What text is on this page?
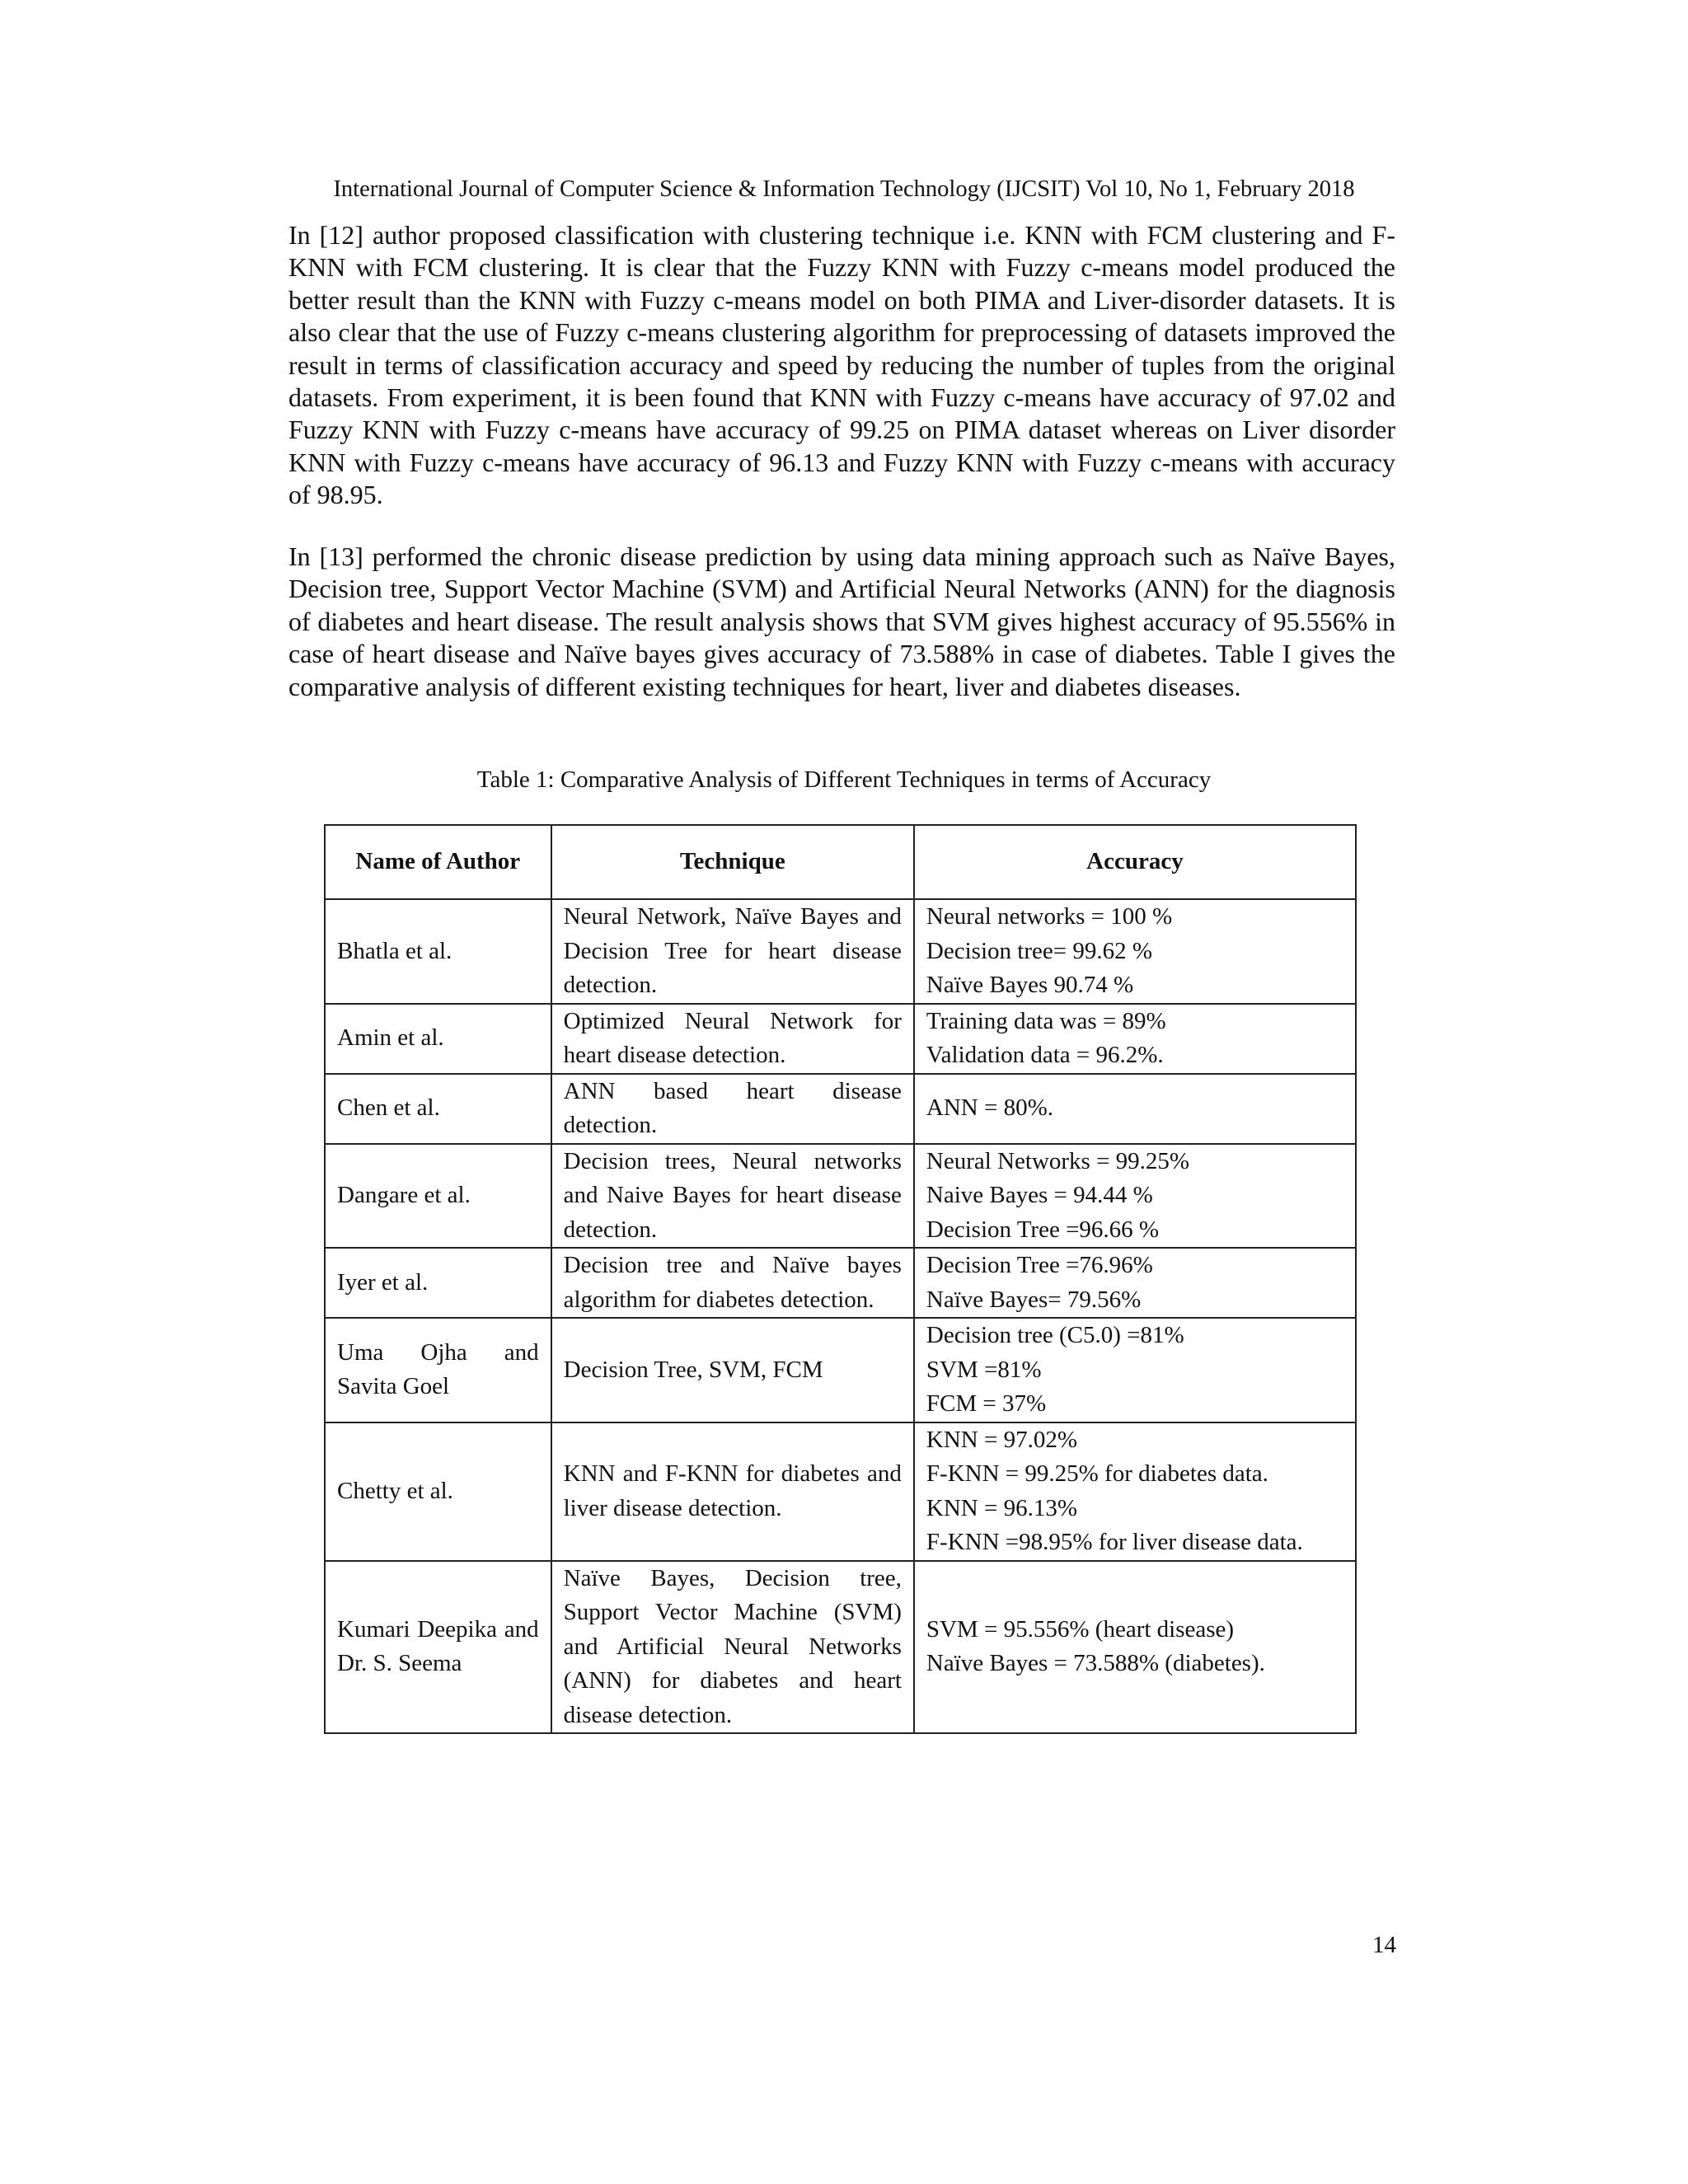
International Journal of Computer Science & Information Technology (IJCSIT) Vol 10, No 1, February 2018

In [12] author proposed classification with clustering technique i.e. KNN with FCM clustering and F-KNN with FCM clustering. It is clear that the Fuzzy KNN with Fuzzy c-means model produced the better result than the KNN with Fuzzy c-means model on both PIMA and Liver-disorder datasets. It is also clear that the use of Fuzzy c-means clustering algorithm for preprocessing of datasets improved the result in terms of classification accuracy and speed by reducing the number of tuples from the original datasets. From experiment, it is been found that KNN with Fuzzy c-means have accuracy of 97.02 and Fuzzy KNN with Fuzzy c-means have accuracy of 99.25 on PIMA dataset whereas on Liver disorder KNN with Fuzzy c-means have accuracy of 96.13 and Fuzzy KNN with Fuzzy c-means with accuracy of 98.95.

In [13] performed the chronic disease prediction by using data mining approach such as Naïve Bayes, Decision tree, Support Vector Machine (SVM) and Artificial Neural Networks (ANN) for the diagnosis of diabetes and heart disease. The result analysis shows that SVM gives highest accuracy of 95.556% in case of heart disease and Naïve bayes gives accuracy of 73.588% in case of diabetes. Table I gives the comparative analysis of different existing techniques for heart, liver and diabetes diseases.

Table 1: Comparative Analysis of Different Techniques in terms of Accuracy
Name of Author	Technique	Accuracy
Bhatla et al.	Neural Network, Naïve Bayes and Decision Tree for heart disease detection.	Neural networks = 100 %
Decision tree= 99.62 %
Naïve Bayes 90.74 %

Amin et al.	Optimized Neural Network for heart disease detection.	Training data was = 89%
Validation data = 96.2%.

Chen et al.	ANN based heart disease detection.	ANN = 80%.

Dangare et al.	Decision trees, Neural networks and Naive Bayes for heart disease detection.	Neural Networks = 99.25%
Naive Bayes = 94.44 %
Decision Tree =96.66 %

Iyer et al.	Decision tree and Naïve bayes algorithm for diabetes detection.	Decision Tree =76.96%
Naïve Bayes= 79.56%

Uma Ojha and Savita Goel	Decision Tree, SVM, FCM	Decision tree (C5.0) =81%
SVM =81%
FCM = 37%

Chetty et al.	KNN and F-KNN for diabetes and liver disease detection.	KNN = 97.02%
F-KNN = 99.25% for diabetes data.
KNN = 96.13%
F-KNN =98.95% for liver disease data.

Kumari Deepika and Dr. S. Seema	Naïve Bayes, Decision tree, Support Vector Machine (SVM) and Artificial Neural Networks (ANN) for diabetes and heart disease detection.	SVM = 95.556% (heart disease)
Naïve Bayes = 73.588% (diabetes).
14
